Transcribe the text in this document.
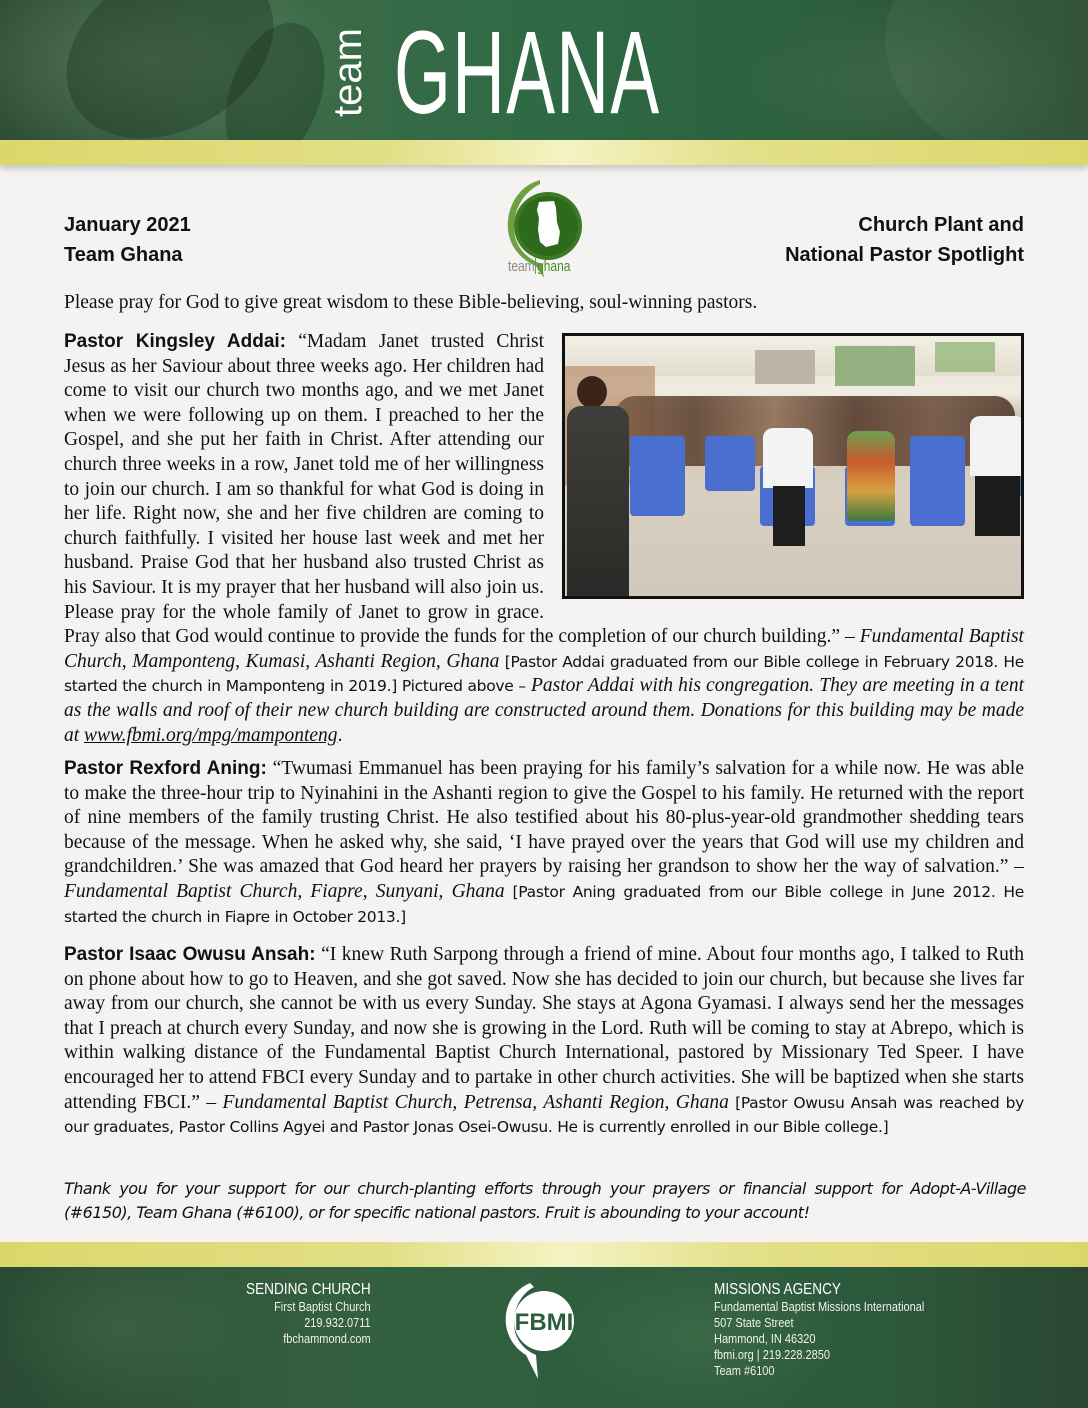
team GHANA
January 2021
Team Ghana
team ghana
Church Plant and
National Pastor Spotlight
Please pray for God to give great wisdom to these Bible-believing, soul-winning pastors.
Pastor Kingsley Addai: “Madam Janet trusted Christ Jesus as her Saviour about three weeks ago. Her children had come to visit our church two months ago, and we met Janet when we were following up on them. I preached to her the Gospel, and she put her faith in Christ. After attending our church three weeks in a row, Janet told me of her willingness to join our church. I am so thankful for what God is doing in her life. Right now, she and her five children are coming to church faithfully. I visited her house last week and met her husband. Praise God that her husband also trusted Christ as his Saviour. It is my prayer that her husband will also join us. Please pray for the whole family of Janet to grow in grace. Pray also that God would continue to provide the funds for the completion of our church building.” – Fundamental Baptist Church, Mamponteng, Kumasi, Ashanti Region, Ghana [Pastor Addai graduated from our Bible college in February 2018. He started the church in Mamponteng in 2019.] Pictured above – Pastor Addai with his congregation. They are meeting in a tent as the walls and roof of their new church building are constructed around them. Donations for this building may be made at www.fbmi.org/mpg/mamponteng.
Pastor Rexford Aning: “Twumasi Emmanuel has been praying for his family’s salvation for a while now. He was able to make the three-hour trip to Nyinahini in the Ashanti region to give the Gospel to his family. He returned with the report of nine members of the family trusting Christ. He also testified about his 80-plus-year-old grandmother shedding tears because of the message. When he asked why, she said, ‘I have prayed over the years that God will use my children and grandchildren.’ She was amazed that God heard her prayers by raising her grandson to show her the way of salvation.” – Fundamental Baptist Church, Fiapre, Sunyani, Ghana [Pastor Aning graduated from our Bible college in June 2012. He started the church in Fiapre in October 2013.]
Pastor Isaac Owusu Ansah: “I knew Ruth Sarpong through a friend of mine. About four months ago, I talked to Ruth on phone about how to go to Heaven, and she got saved. Now she has decided to join our church, but because she lives far away from our church, she cannot be with us every Sunday. She stays at Agona Gyamasi. I always send her the messages that I preach at church every Sunday, and now she is growing in the Lord. Ruth will be coming to stay at Abrepo, which is within walking distance of the Fundamental Baptist Church International, pastored by Missionary Ted Speer. I have encouraged her to attend FBCI every Sunday and to partake in other church activities. She will be baptized when she starts attending FBCI.” – Fundamental Baptist Church, Petrensa, Ashanti Region, Ghana [Pastor Owusu Ansah was reached by our graduates, Pastor Collins Agyei and Pastor Jonas Osei-Owusu. He is currently enrolled in our Bible college.]
Thank you for your support for our church-planting efforts through your prayers or financial support for Adopt-A-Village (#6150), Team Ghana (#6100), or for specific national pastors. Fruit is abounding to your account!
SENDING CHURCH
First Baptist Church
219.932.0711
fbchammond.com
FBMI
MISSIONS AGENCY
Fundamental Baptist Missions International
507 State Street
Hammond, IN 46320
fbmi.org | 219.228.2850
Team #6100
